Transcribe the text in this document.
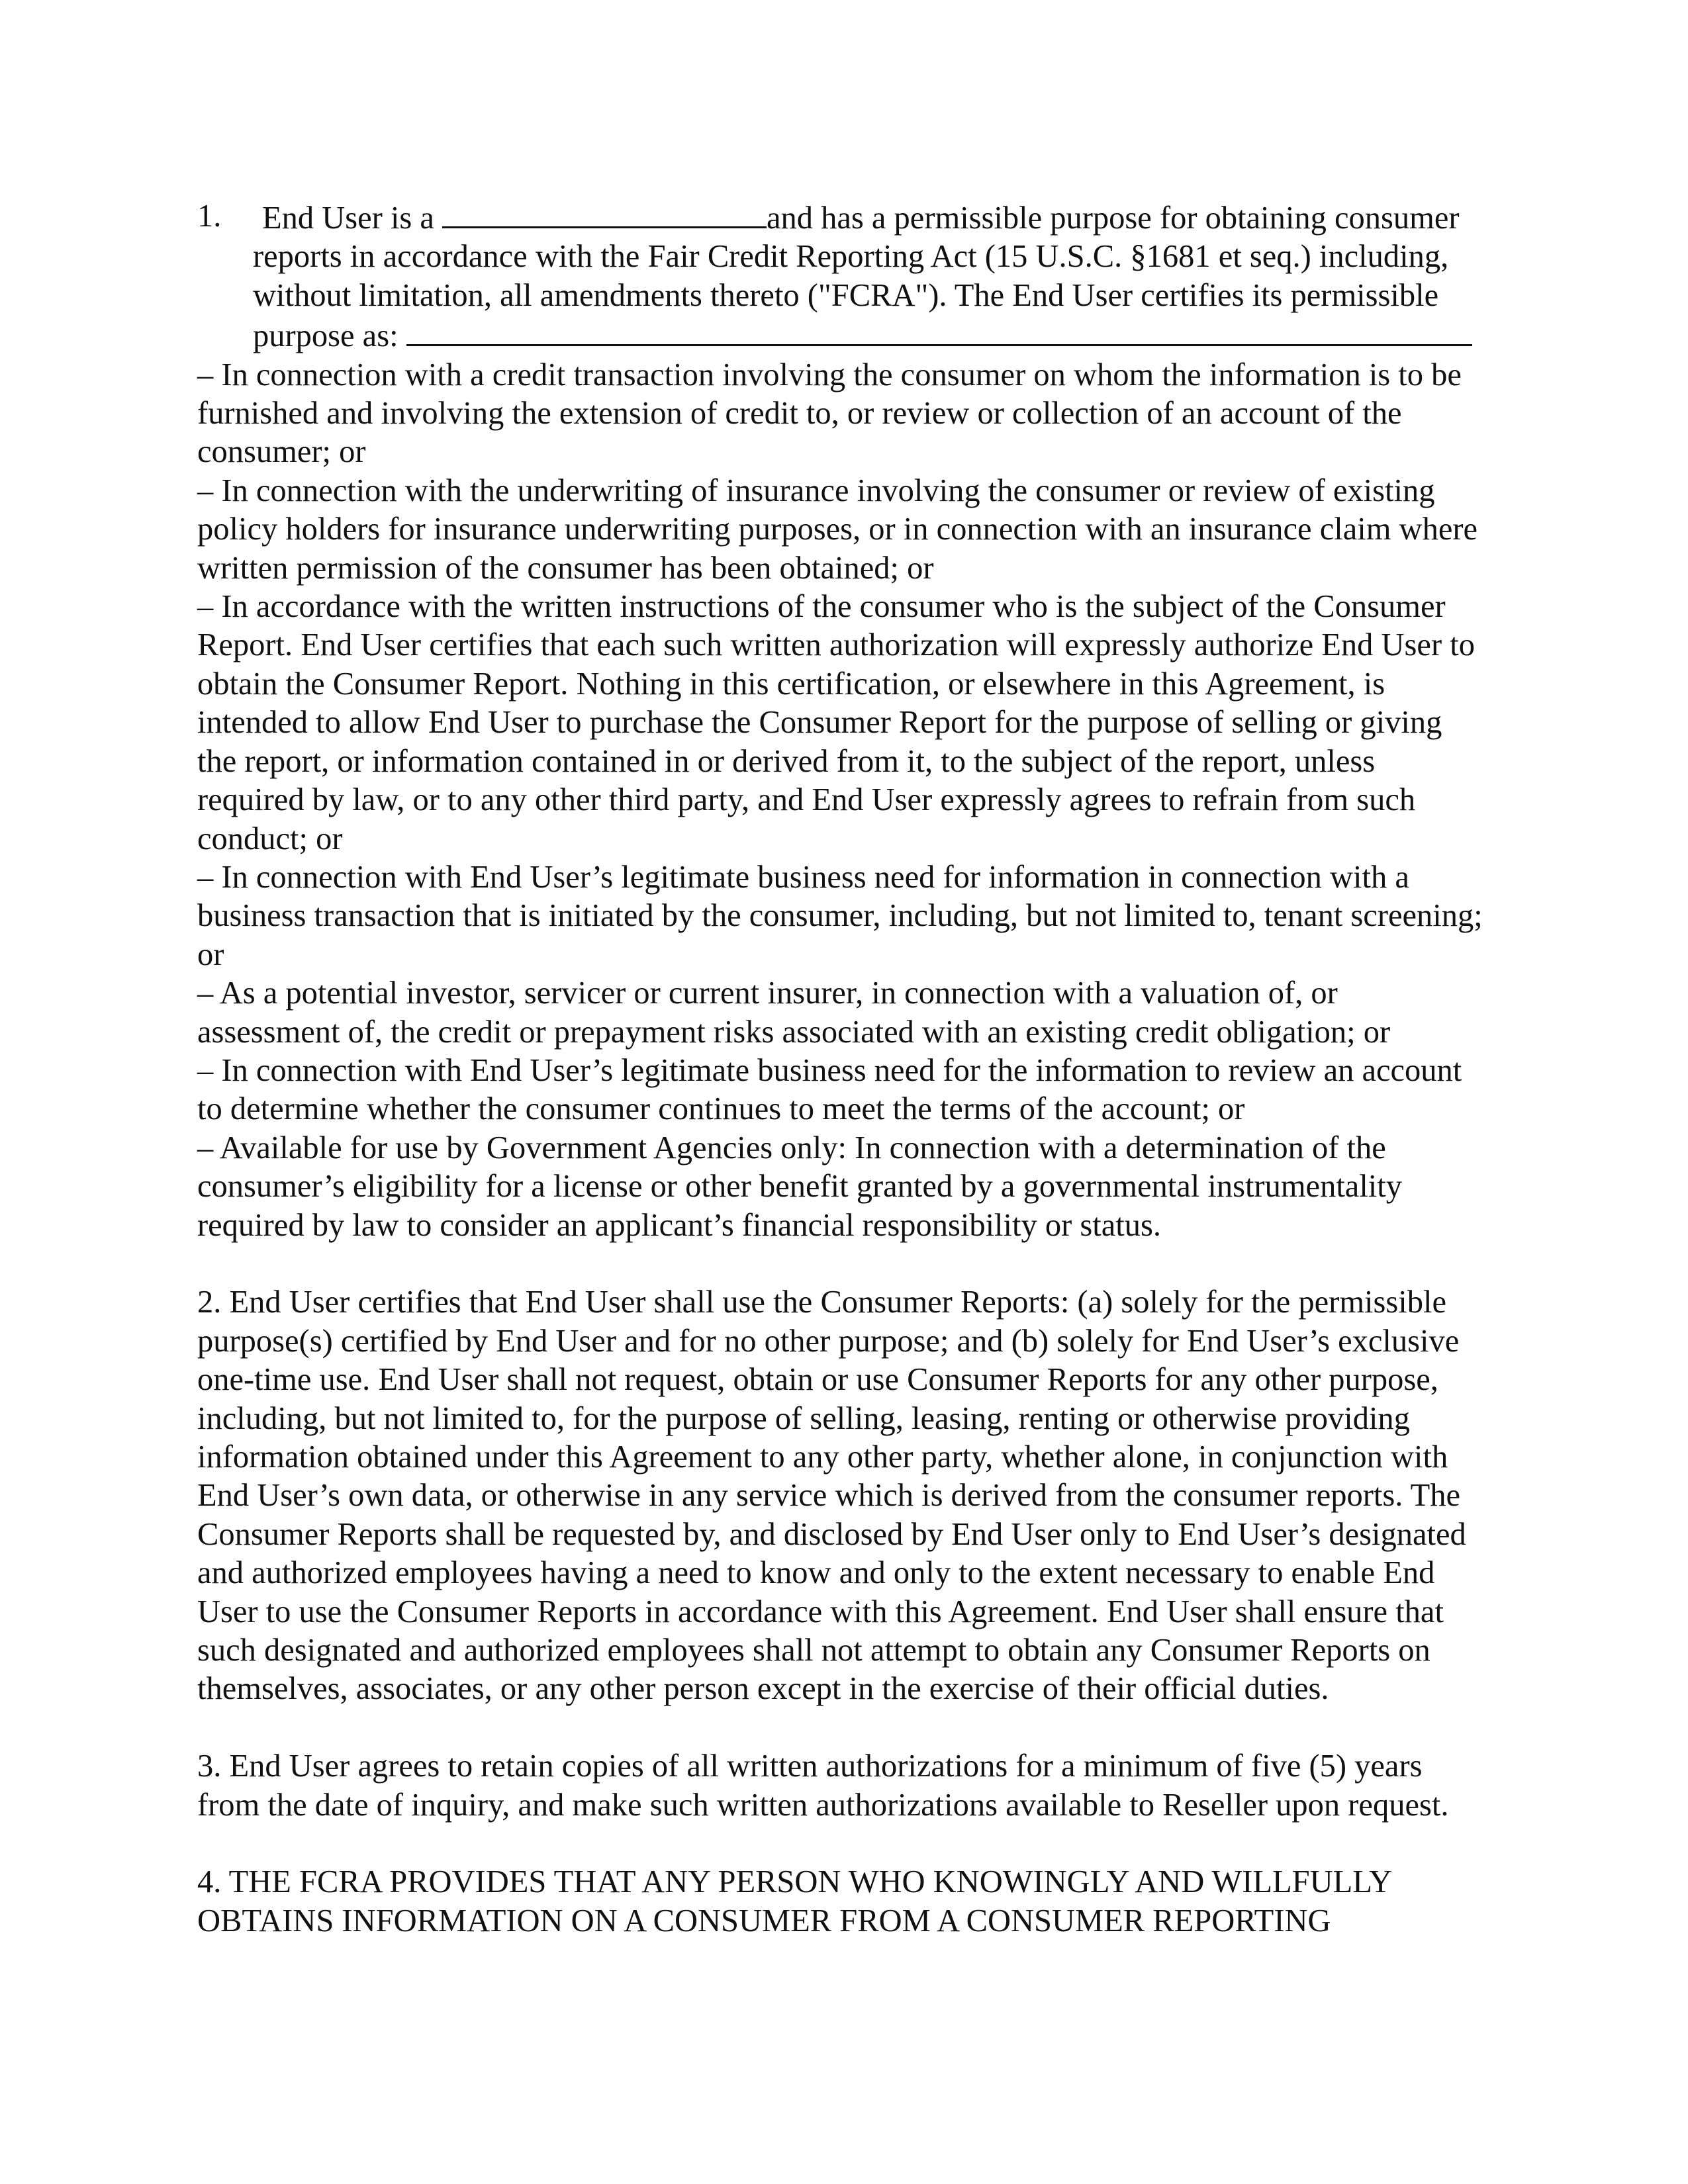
1. End User is a	and has a permissible purpose for obtaining consumer reports in accordance with the Fair Credit Reporting Act (15 U.S.C. §1681 et seq.) including, without limitation, all amendments thereto ("FCRA"). The End User certifies its permissible purpose as:

– In connection with a credit transaction involving the consumer on whom the information is to be furnished and involving the extension of credit to, or review or collection of an account of the consumer; or

– In connection with the underwriting of insurance involving the consumer or review of existing policy holders for insurance underwriting purposes, or in connection with an insurance claim where written permission of the consumer has been obtained; or

– In accordance with the written instructions of the consumer who is the subject of the Consumer Report. End User certifies that each such written authorization will expressly authorize End User to obtain the Consumer Report. Nothing in this certification, or elsewhere in this Agreement, is intended to allow End User to purchase the Consumer Report for the purpose of selling or giving the report, or information contained in or derived from it, to the subject of the report, unless required by law, or to any other third party, and End User expressly agrees to refrain from such conduct; or

– In connection with End User’s legitimate business need for information in connection with a business transaction that is initiated by the consumer, including, but not limited to, tenant screening; or

– As a potential investor, servicer or current insurer, in connection with a valuation of, or assessment of, the credit or prepayment risks associated with an existing credit obligation; or

– In connection with End User’s legitimate business need for the information to review an account to determine whether the consumer continues to meet the terms of the account; or

– Available for use by Government Agencies only: In connection with a determination of the consumer’s eligibility for a license or other benefit granted by a governmental instrumentality required by law to consider an applicant’s financial responsibility or status.

2. End User certifies that End User shall use the Consumer Reports: (a) solely for the permissible purpose(s) certified by End User and for no other purpose; and (b) solely for End User’s exclusive one-time use. End User shall not request, obtain or use Consumer Reports for any other purpose, including, but not limited to, for the purpose of selling, leasing, renting or otherwise providing information obtained under this Agreement to any other party, whether alone, in conjunction with End User’s own data, or otherwise in any service which is derived from the consumer reports. The Consumer Reports shall be requested by, and disclosed by End User only to End User’s designated and authorized employees having a need to know and only to the extent necessary to enable End User to use the Consumer Reports in accordance with this Agreement. End User shall ensure that such designated and authorized employees shall not attempt to obtain any Consumer Reports on themselves, associates, or any other person except in the exercise of their official duties.

3. End User agrees to retain copies of all written authorizations for a minimum of five (5) years from the date of inquiry, and make such written authorizations available to Reseller upon request.

4. THE FCRA PROVIDES THAT ANY PERSON WHO KNOWINGLY AND WILLFULLY OBTAINS INFORMATION ON A CONSUMER FROM A CONSUMER REPORTING
